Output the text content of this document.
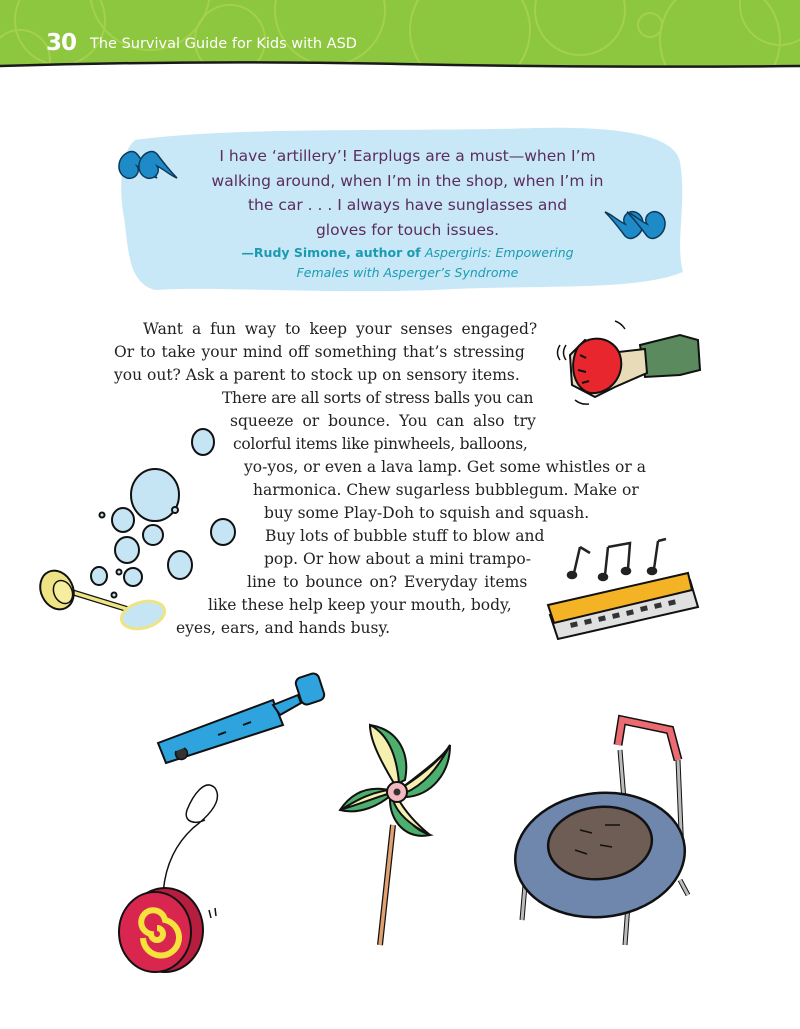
30 The Survival Guide for Kids with ASD
I have ‘artillery’! Earplugs are a must—when I’m
walking around, when I’m in the shop, when I’m in
the car . . . I always have sunglasses and
gloves for touch issues.
—Rudy Simone, author of Aspergirls: Empowering
Females with Asperger’s Syndrome
Want a fun way to keep your senses engaged?
Or to take your mind off something that’s stressing
you out? Ask a parent to stock up on sensory items.
There are all sorts of stress balls you can
squeeze or bounce. You can also try
colorful items like pinwheels, balloons,
yo-yos, or even a lava lamp. Get some whistles or a
harmonica. Chew sugarless bubblegum. Make or
buy some Play-Doh to squish and squash.
Buy lots of bubble stuff to blow and
pop. Or how about a mini trampo-
line to bounce on? Everyday items
like these help keep your mouth, body,
eyes, ears, and hands busy.
